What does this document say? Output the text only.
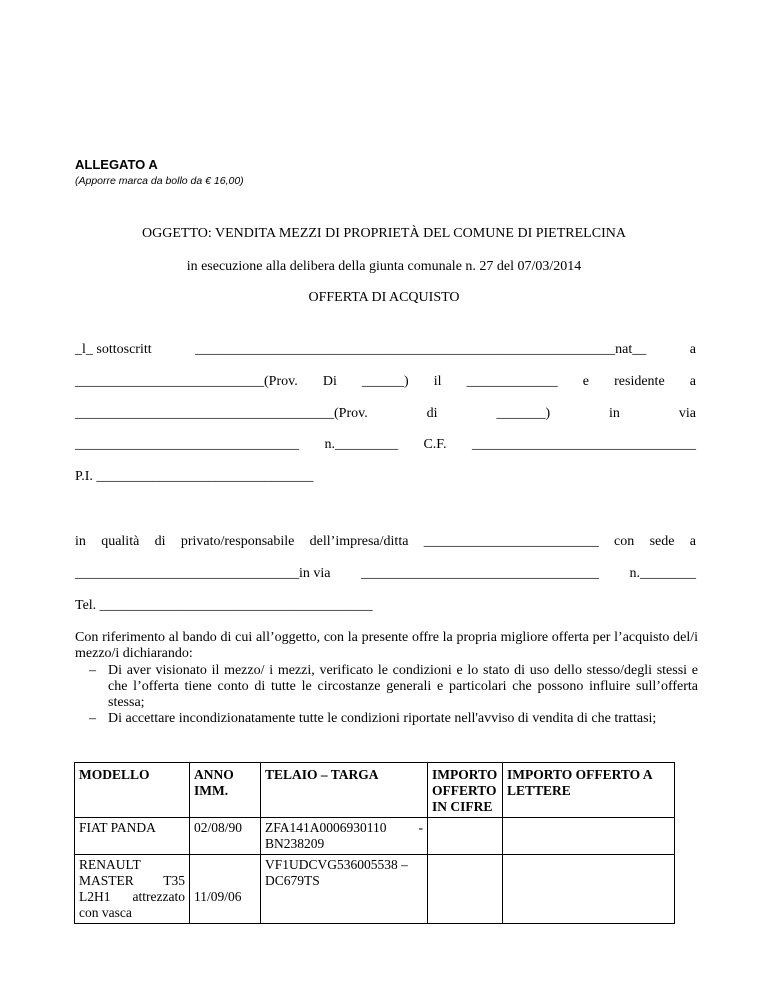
ALLEGATO A
(Apporre marca da bollo da € 16,00)
OGGETTO: VENDITA MEZZI DI PROPRIETÀ DEL COMUNE DI PIETRELCINA
in esecuzione alla delibera della giunta comunale n. 27 del 07/03/2014
OFFERTA DI ACQUISTO
_l_ sottoscritt	____________________________________________________________nat__	a
___________________________(Prov. Di ______) il _____________ e residente a
_____________________________________(Prov.	di	_______)	in	via
________________________________ n._________ C.F. ________________________________
P.I. _______________________________
in qualità di privato/responsabile dell’impresa/ditta _________________________ con sede a
________________________________in via __________________________________ n.________
Tel. _______________________________________
Con riferimento al bando di cui all’oggetto, con la presente offre la propria migliore offerta per l’acquisto del/i mezzo/i dichiarando:
– Di aver visionato il mezzo/ i mezzi, verificato le condizioni e lo stato di uso dello stesso/degli stessi e che l’offerta tiene conto di tutte le circostanze generali e particolari che possono influire sull’offerta stessa;
– Di accettare incondizionatamente tutte le condizioni riportate nell'avviso di vendita di che trattasi;
MODELLO	ANNO IMM.	TELAIO – TARGA	IMPORTO OFFERTO IN CIFRE	IMPORTO OFFERTO A LETTERE
FIAT PANDA	02/08/90	ZFA141A0006930110 - BN238209		
RENAULT MASTER T35 L2H1 attrezzato con vasca	11/09/06	VF1UDCVG536005538 – DC679TS		
